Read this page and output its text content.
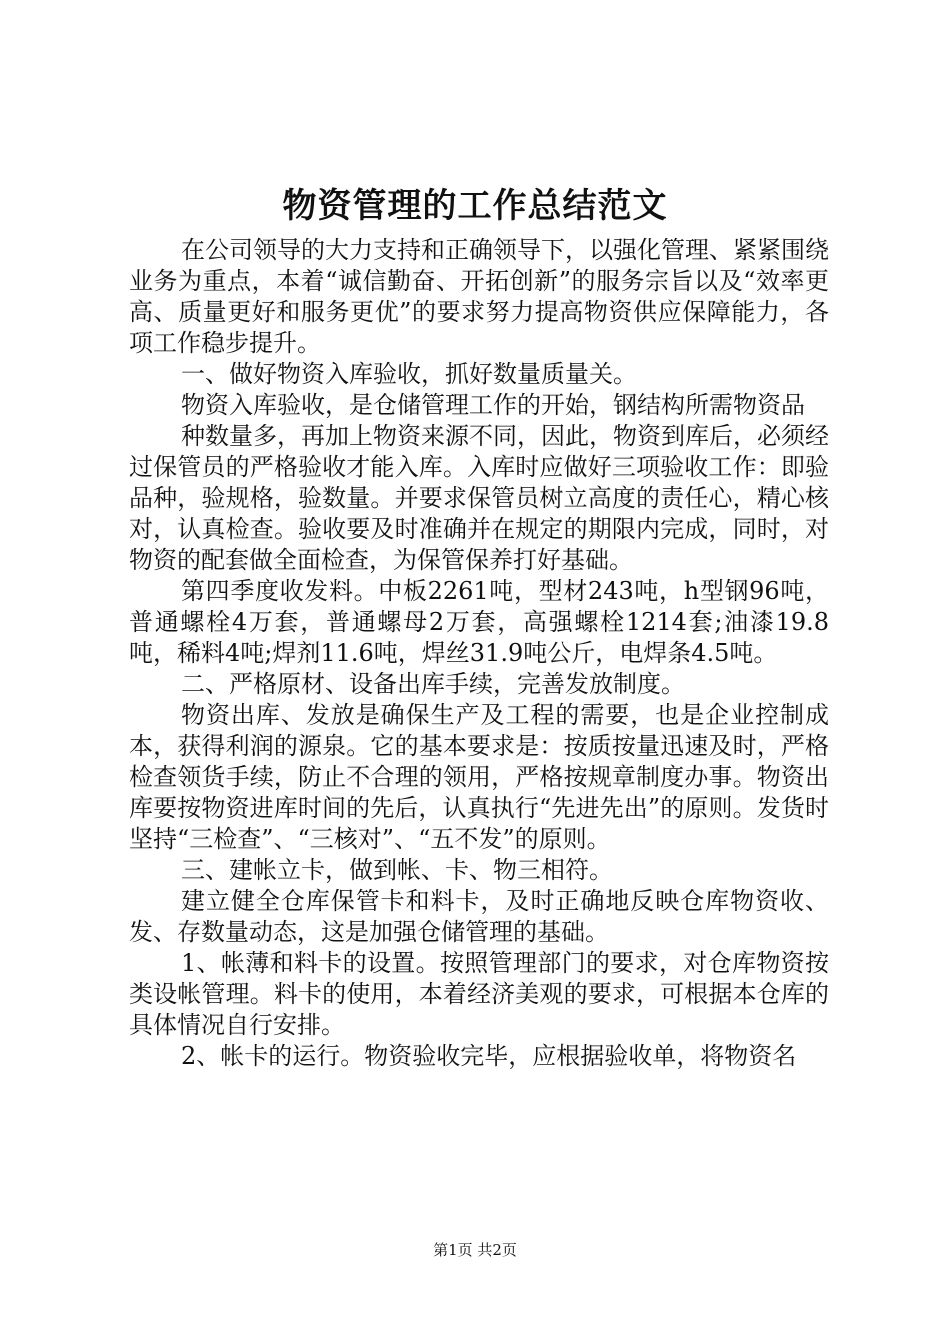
物资管理的工作总结范文

在公司领导的大力支持和正确领导下，以强化管理、紧紧围绕业务为重点，本着“诚信勤奋、开拓创新”的服务宗旨以及“效率更高、质量更好和服务更优”的要求努力提高物资供应保障能力，各项工作稳步提升。

一、做好物资入库验收，抓好数量质量关。

物资入库验收，是仓储管理工作的开始，钢结构所需物资品

种数量多，再加上物资来源不同，因此，物资到库后，必须经过保管员的严格验收才能入库。入库时应做好三项验收工作：即验品种，验规格，验数量。并要求保管员树立高度的责任心，精心核对，认真检查。验收要及时准确并在规定的期限内完成，同时，对物资的配套做全面检查，为保管保养打好基础。

第四季度收发料。中板2261吨，型材243吨，h型钢96吨，普通螺栓4万套，普通螺母2万套，高强螺栓1214套;油漆19.8吨，稀料4吨;焊剂11.6吨，焊丝31.9吨公斤，电焊条4.5吨。

二、严格原材、设备出库手续，完善发放制度。

物资出库、发放是确保生产及工程的需要，也是企业控制成本，获得利润的源泉。它的基本要求是：按质按量迅速及时，严格检查领货手续，防止不合理的领用，严格按规章制度办事。物资出库要按物资进库时间的先后，认真执行“先进先出”的原则。发货时坚持“三检查”、“三核对”、“五不发”的原则。

三、建帐立卡，做到帐、卡、物三相符。

建立健全仓库保管卡和料卡，及时正确地反映仓库物资收、发、存数量动态，这是加强仓储管理的基础。

1、帐薄和料卡的设置。按照管理部门的要求，对仓库物资按类设帐管理。料卡的使用，本着经济美观的要求，可根据本仓库的具体情况自行安排。

2、帐卡的运行。物资验收完毕，应根据验收单，将物资名

第1页 共2页
